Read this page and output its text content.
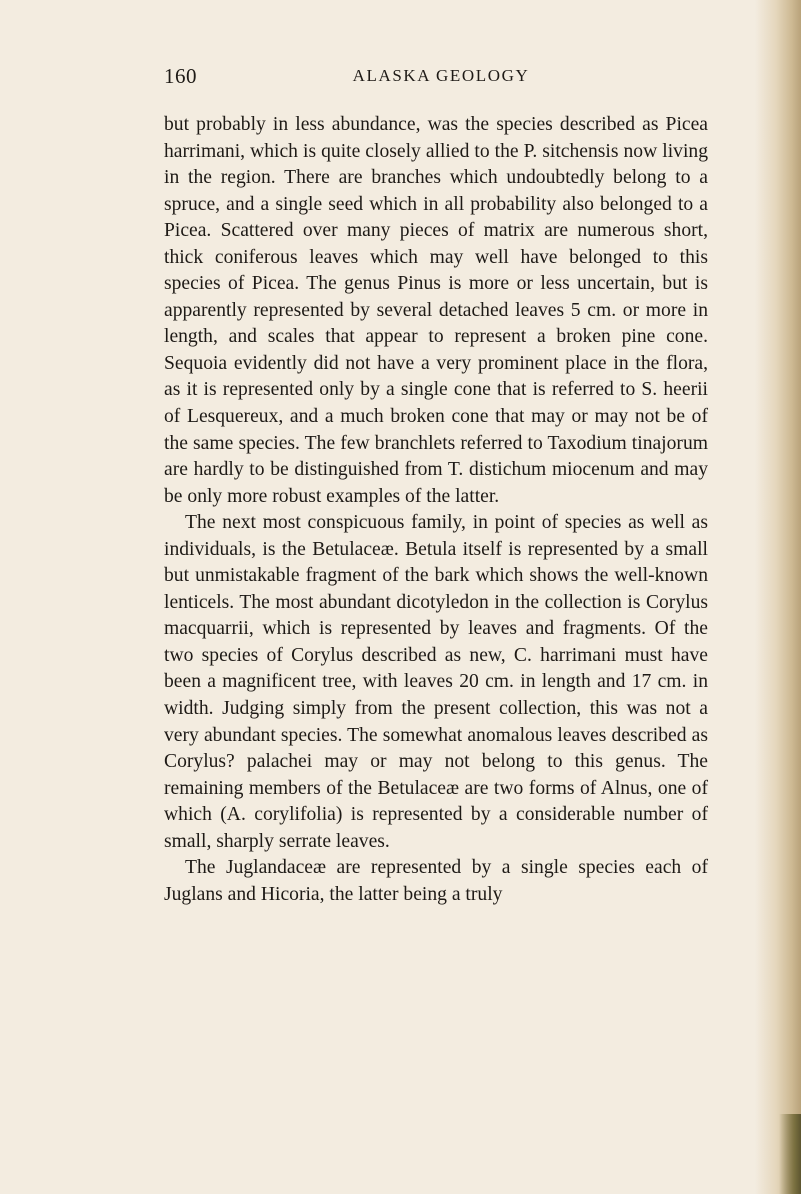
160	ALASKA GEOLOGY

but probably in less abundance, was the species described as Picea harrimani, which is quite closely allied to the P. sitchensis now living in the region. There are branches which undoubtedly belong to a spruce, and a single seed which in all probability also belonged to a Picea. Scattered over many pieces of matrix are numerous short, thick coniferous leaves which may well have belonged to this species of Picea. The genus Pinus is more or less uncertain, but is apparently represented by several detached leaves 5 cm. or more in length, and scales that appear to represent a broken pine cone. Sequoia evidently did not have a very prominent place in the flora, as it is represented only by a single cone that is referred to S. heerii of Lesquereux, and a much broken cone that may or may not be of the same species. The few branchlets referred to Taxodium tinajorum are hardly to be distinguished from T. distichum miocenum and may be only more robust examples of the latter.

The next most conspicuous family, in point of species as well as individuals, is the Betulaceæ. Betula itself is represented by a small but unmistakable fragment of the bark which shows the well-known lenticels. The most abundant dicotyledon in the collection is Corylus macquarrii, which is represented by leaves and fragments. Of the two species of Corylus described as new, C. harrimani must have been a magnificent tree, with leaves 20 cm. in length and 17 cm. in width. Judging simply from the present collection, this was not a very abundant species. The somewhat anomalous leaves described as Corylus? palachei may or may not belong to this genus. The remaining members of the Betulaceæ are two forms of Alnus, one of which (A. corylifolia) is represented by a considerable number of small, sharply serrate leaves.

The Juglandaceæ are represented by a single species each of Juglans and Hicoria, the latter being a truly
